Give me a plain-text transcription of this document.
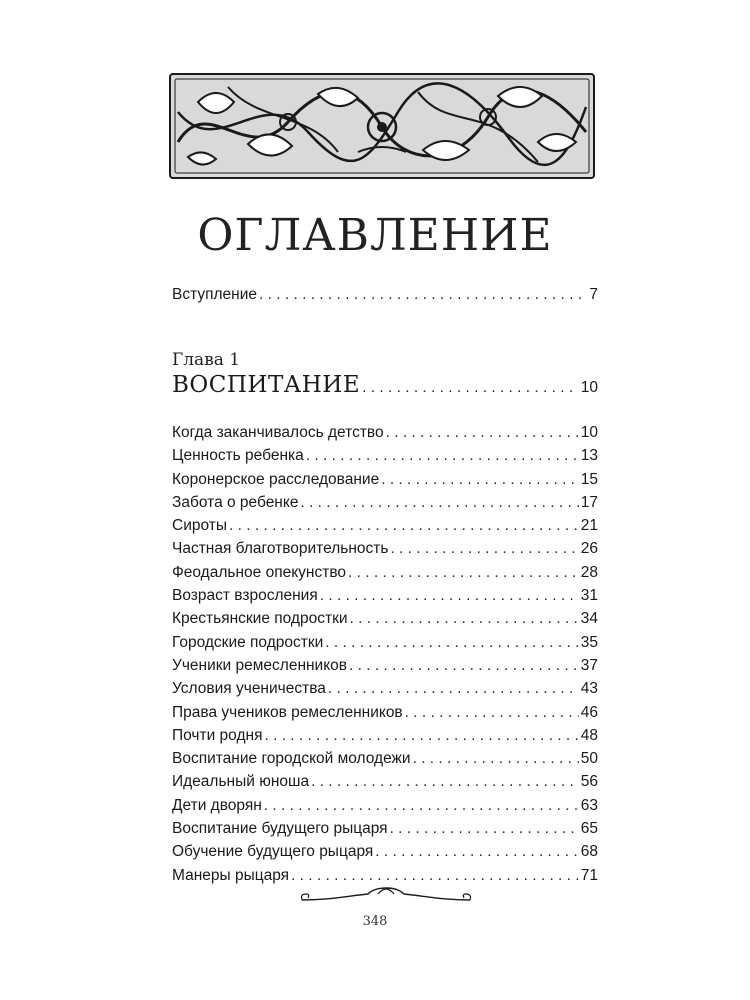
ОГЛАВЛЕНИЕ
Вступление . . .	7
Глава 1
ВОСПИТАНИЕ . . .	10
Когда заканчивалось детство . . .	10
Ценность ребенка . . .	13
Коронерское расследование . . .	15
Забота о ребенке . . .	17
Сироты . . .	21
Частная благотворительность . . .	26
Феодальное опекунство . . .	28
Возраст взросления . . .	31
Крестьянские подростки . . .	34
Городские подростки . . .	35
Ученики ремесленников . . .	37
Условия ученичества . . .	43
Права учеников ремесленников . . .	46
Почти родня . . .	48
Воспитание городской молодежи . . .	50
Идеальный юноша . . .	56
Дети дворян . . .	63
Воспитание будущего рыцаря . . .	65
Обучение будущего рыцаря . . .	68
Манеры рыцаря . . .	71
348
